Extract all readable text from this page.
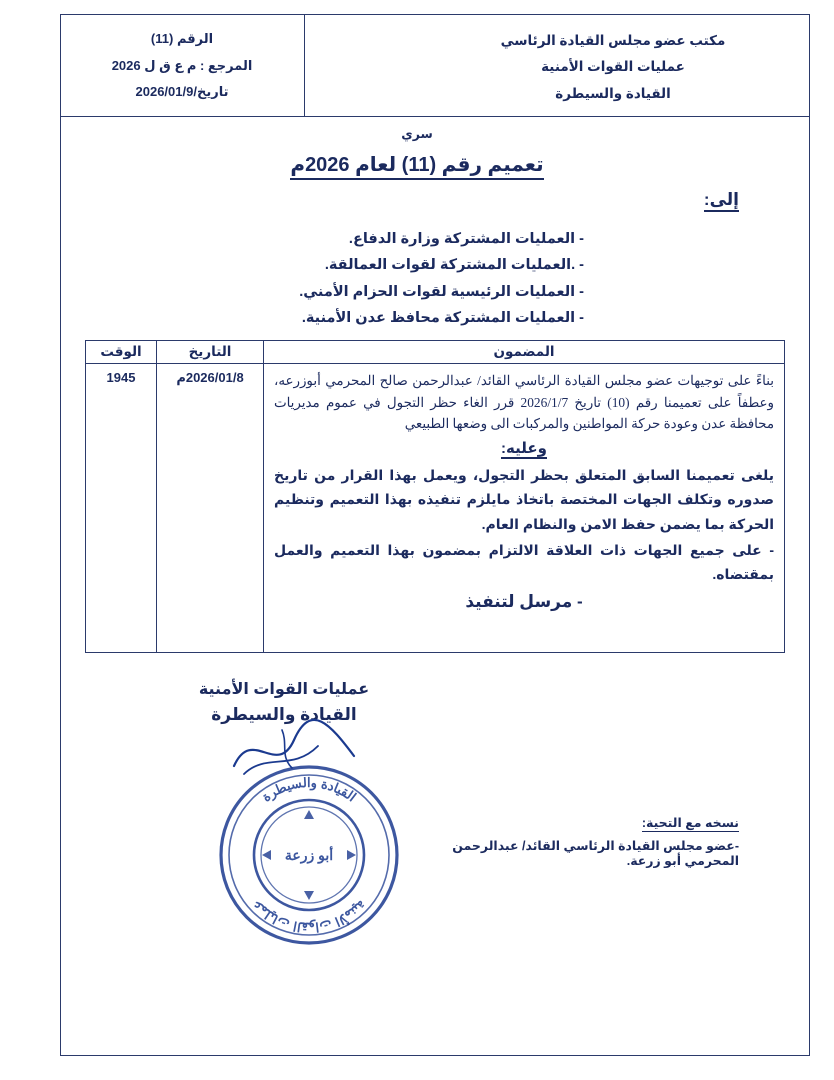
مكتب عضو مجلس القيادة الرئاسي
عمليات القوات الأمنية
القيادة والسيطرة
الرقم (11)
المرجع : م ع ق ل 2026
تاريخ/2026/01/9
سري
تعميم رقم (11) لعام 2026م
إلى:
- العمليات المشتركة وزارة الدفاع.
- .العمليات المشتركة لقوات العمالقة.
- العمليات الرئيسية لقوات الحزام الأمني.
- العمليات المشتركة محافظ عدن الأمنية.
المضمون	التاريخ	الوقت

بناءً على توجيهات عضو مجلس القيادة الرئاسي القائد/ عبدالرحمن صالح المحرمي أبوزرعه، وعطفاً على تعميمنا رقم (10) تاريخ 2026/1/7 قرر الغاء حظر التجول في عموم مديريات محافظة عدن وعودة حركة المواطنين والمركبات الى وضعها الطبيعي

وعليه:

يلغى تعميمنا السابق المتعلق بحظر التجول، ويعمل بهذا القرار من تاريخ صدوره وتكلف الجهات المختصة باتخاذ مايلزم تنفيذه بهذا التعميم وتنظيم الحركة بما يضمن حفظ الامن والنظام العام.

- على جميع الجهات ذات العلاقة الالتزام بمضمون بهذا التعميم والعمل بمقتضاه.

- مرسل لتنفيذ	2026/01/8م	1945
عمليات القوات الأمنية
القيادة والسيطرة
القيادة والسيطرة
عمليات القوات الأمنية
أبو زرعة
نسخه مع التحية:
-عضو مجلس القيادة الرئاسي القائد/ عبدالرحمن المحرمي أبو زرعة.
